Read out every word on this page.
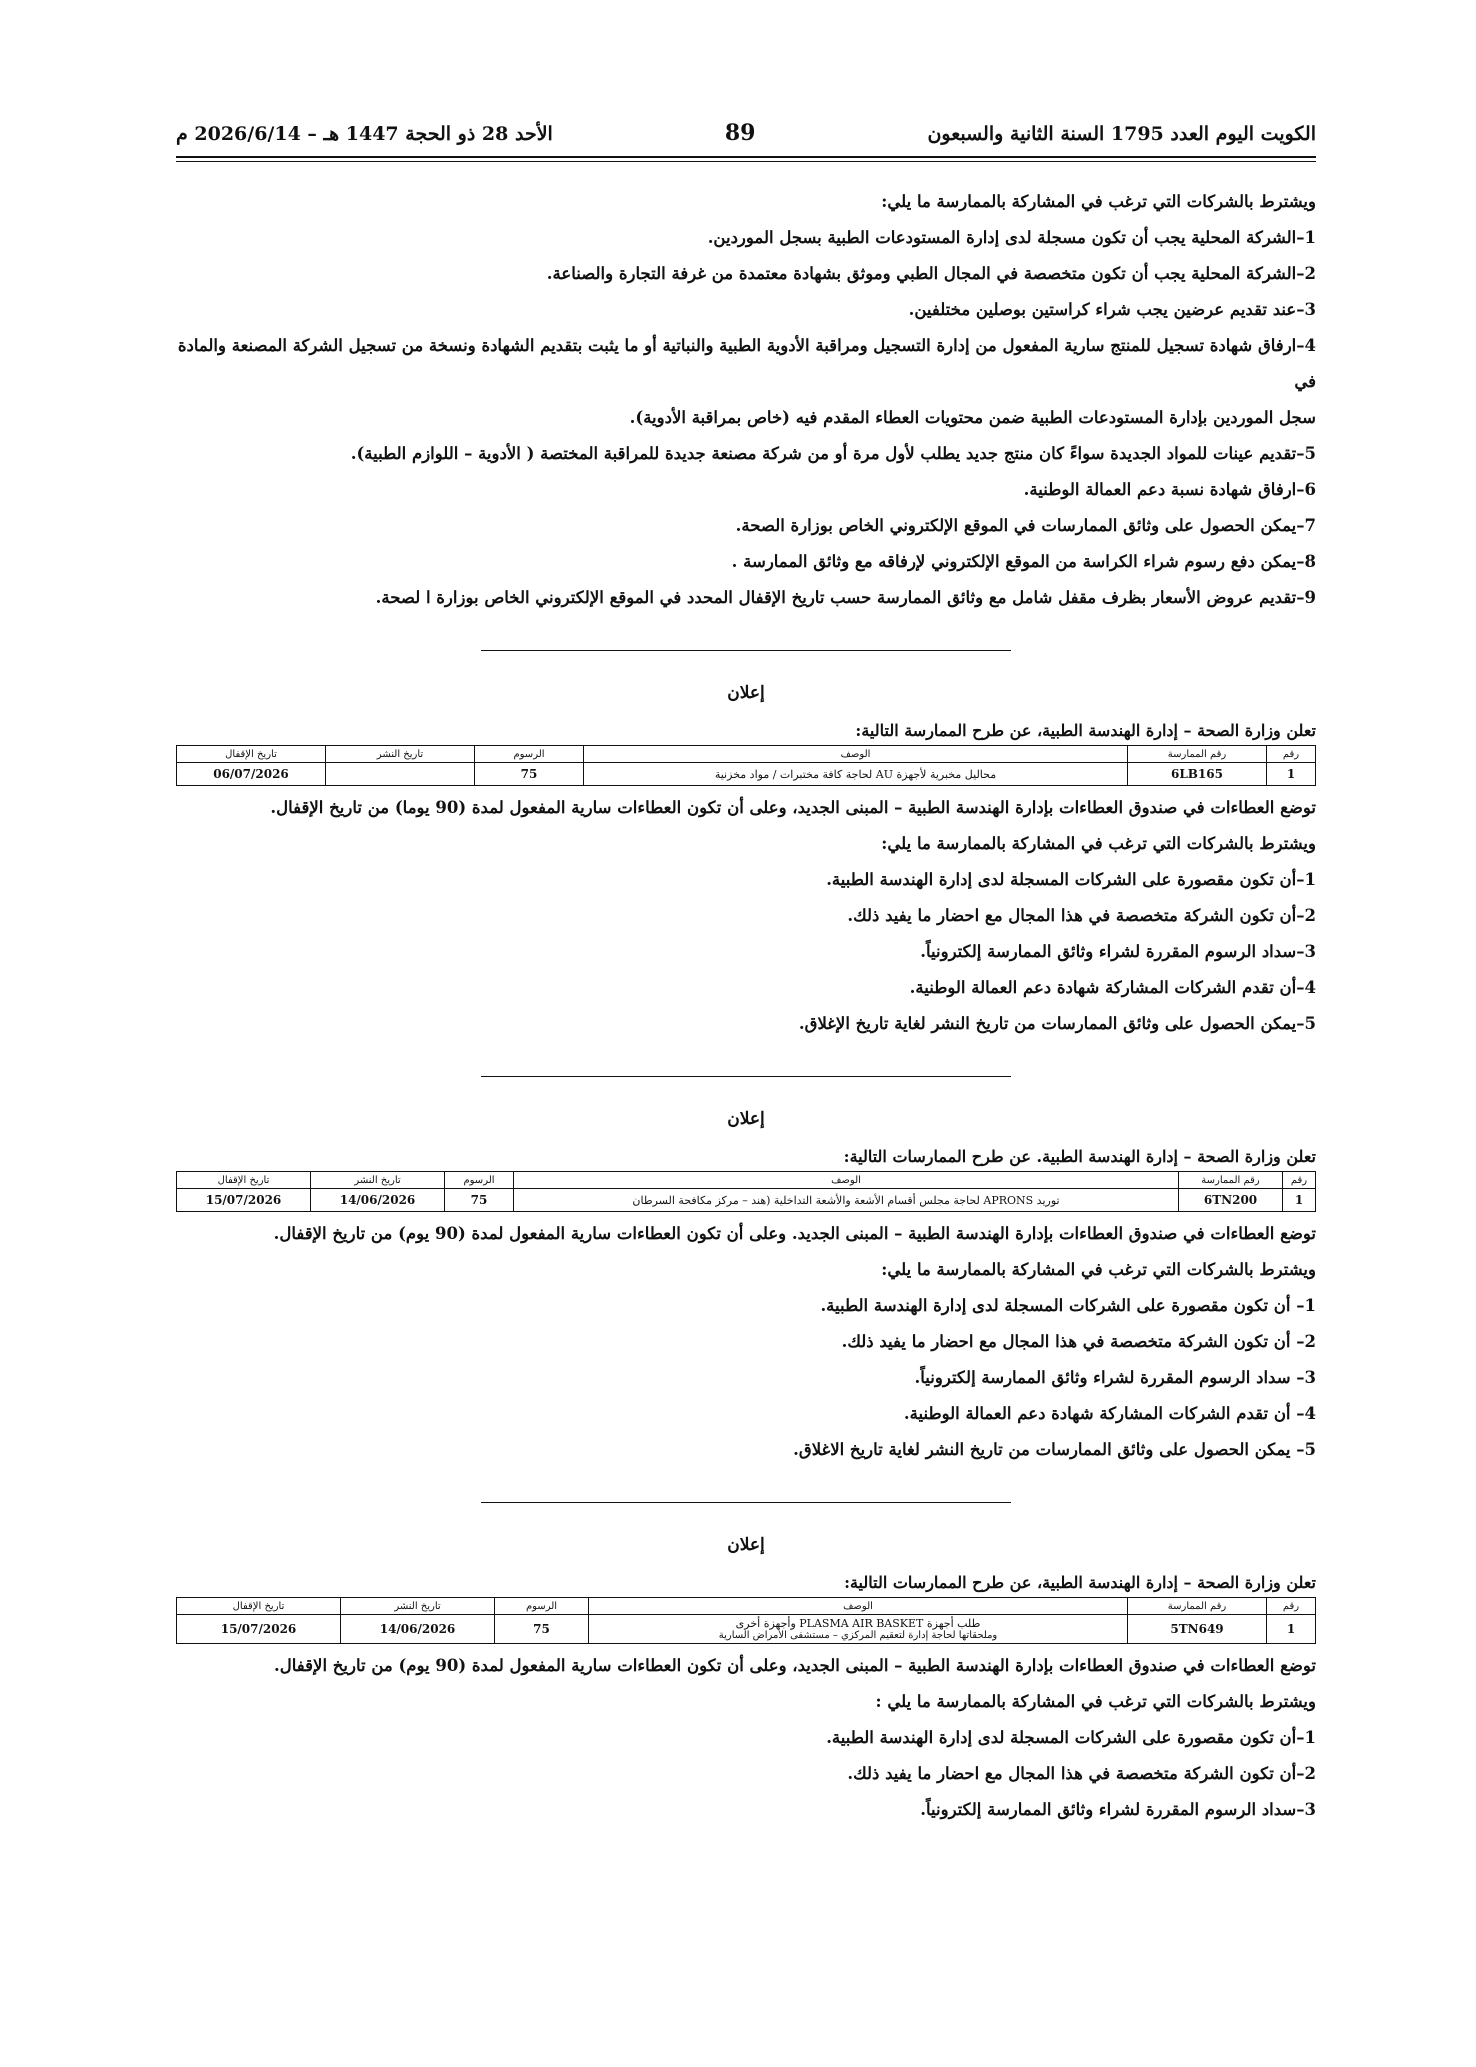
الكويت اليوم العدد 1795 السنة الثانية والسبعون
89
الأحد 28 ذو الحجة 1447 هـ – 2026/6/14 م
ويشترط بالشركات التي ترغب في المشاركة بالممارسة ما يلي:
1–الشركة المحلية يجب أن تكون مسجلة لدى إدارة المستودعات الطبية بسجل الموردين.
2–الشركة المحلية يجب أن تكون متخصصة في المجال الطبي وموثق بشهادة معتمدة من غرفة التجارة والصناعة.
3–عند تقديم عرضين يجب شراء كراستين بوصلين مختلفين.
4–ارفاق شهادة تسجيل للمنتج سارية المفعول من إدارة التسجيل ومراقبة الأدوية الطبية والنباتية أو ما يثبت بتقديم الشهادة ونسخة من تسجيل الشركة المصنعة والمادة في
سجل الموردين بإدارة المستودعات الطبية ضمن محتويات العطاء المقدم فيه (خاص بمراقبة الأدوية).
5–تقديم عينات للمواد الجديدة سواءً كان منتج جديد يطلب لأول مرة أو من شركة مصنعة جديدة للمراقبة المختصة ( الأدوية – اللوازم الطبية).
6–ارفاق شهادة نسبة دعم العمالة الوطنية.
7–يمكن الحصول على وثائق الممارسات في الموقع الإلكتروني الخاص بوزارة الصحة.
8–يمكن دفع رسوم شراء الكراسة من الموقع الإلكتروني لإرفاقه مع وثائق الممارسة .
9–تقديم عروض الأسعار بظرف مقفل شامل مع وثائق الممارسة حسب تاريخ الإقفال المحدد في الموقع الإلكتروني الخاص بوزارة ا لصحة.
إعلان
تعلن وزارة الصحة – إدارة الهندسة الطبية، عن طرح الممارسة التالية:
رقم	رقم الممارسة	الوصف	الرسوم	تاريخ النشر	تاريخ الإقفال
1	6LB165	محاليل مخبرية لأجهزة AU لحاجة كافة مختبرات / مواد مخزنية	75		06/07/2026
توضع العطاءات في صندوق العطاءات بإدارة الهندسة الطبية – المبنى الجديد، وعلى أن تكون العطاءات سارية المفعول لمدة (90 يوما) من تاريخ الإقفال.
ويشترط بالشركات التي ترغب في المشاركة بالممارسة ما يلي:
1–أن تكون مقصورة على الشركات المسجلة لدى إدارة الهندسة الطبية.
2–أن تكون الشركة متخصصة في هذا المجال مع احضار ما يفيد ذلك.
3–سداد الرسوم المقررة لشراء وثائق الممارسة إلكترونياً.
4–أن تقدم الشركات المشاركة شهادة دعم العمالة الوطنية.
5–يمكن الحصول على وثائق الممارسات من تاريخ النشر لغاية تاريخ الإغلاق.
إعلان
تعلن وزارة الصحة – إدارة الهندسة الطبية. عن طرح الممارسات التالية:
رقم	رقم الممارسة	الوصف	الرسوم	تاريخ النشر	تاريخ الإقفال
1	6TN200	توريد APRONS لحاجة مجلس أقسام الأشعة والأشعة التداخلية (هند – مركز مكافحة السرطان	75	14/06/2026	15/07/2026
توضع العطاءات في صندوق العطاءات بإدارة الهندسة الطبية – المبنى الجديد. وعلى أن تكون العطاءات سارية المفعول لمدة (90 يوم) من تاريخ الإقفال.
ويشترط بالشركات التي ترغب في المشاركة بالممارسة ما يلي:
1– أن تكون مقصورة على الشركات المسجلة لدى إدارة الهندسة الطبية.
2– أن تكون الشركة متخصصة في هذا المجال مع احضار ما يفيد ذلك.
3– سداد الرسوم المقررة لشراء وثائق الممارسة إلكترونياً.
4– أن تقدم الشركات المشاركة شهادة دعم العمالة الوطنية.
5– يمكن الحصول على وثائق الممارسات من تاريخ النشر لغاية تاريخ الاغلاق.
إعلان
تعلن وزارة الصحة – إدارة الهندسة الطبية، عن طرح الممارسات التالية:
رقم	رقم الممارسة	الوصف	الرسوم	تاريخ النشر	تاريخ الإقفال
1	5TN649	طلب أجهزة PLASMA AIR BASKET وأجهزة أخرى
وملحقاتها لحاجة إدارة لتعقيم المركزي – مستشفى الأمراض السارية	75	14/06/2026	15/07/2026
توضع العطاءات في صندوق العطاءات بإدارة الهندسة الطبية – المبنى الجديد، وعلى أن تكون العطاءات سارية المفعول لمدة (90 يوم) من تاريخ الإقفال.
ويشترط بالشركات التي ترغب في المشاركة بالممارسة ما يلي :
1–أن تكون مقصورة على الشركات المسجلة لدى إدارة الهندسة الطبية.
2–أن تكون الشركة متخصصة في هذا المجال مع احضار ما يفيد ذلك.
3–سداد الرسوم المقررة لشراء وثائق الممارسة إلكترونياً.
